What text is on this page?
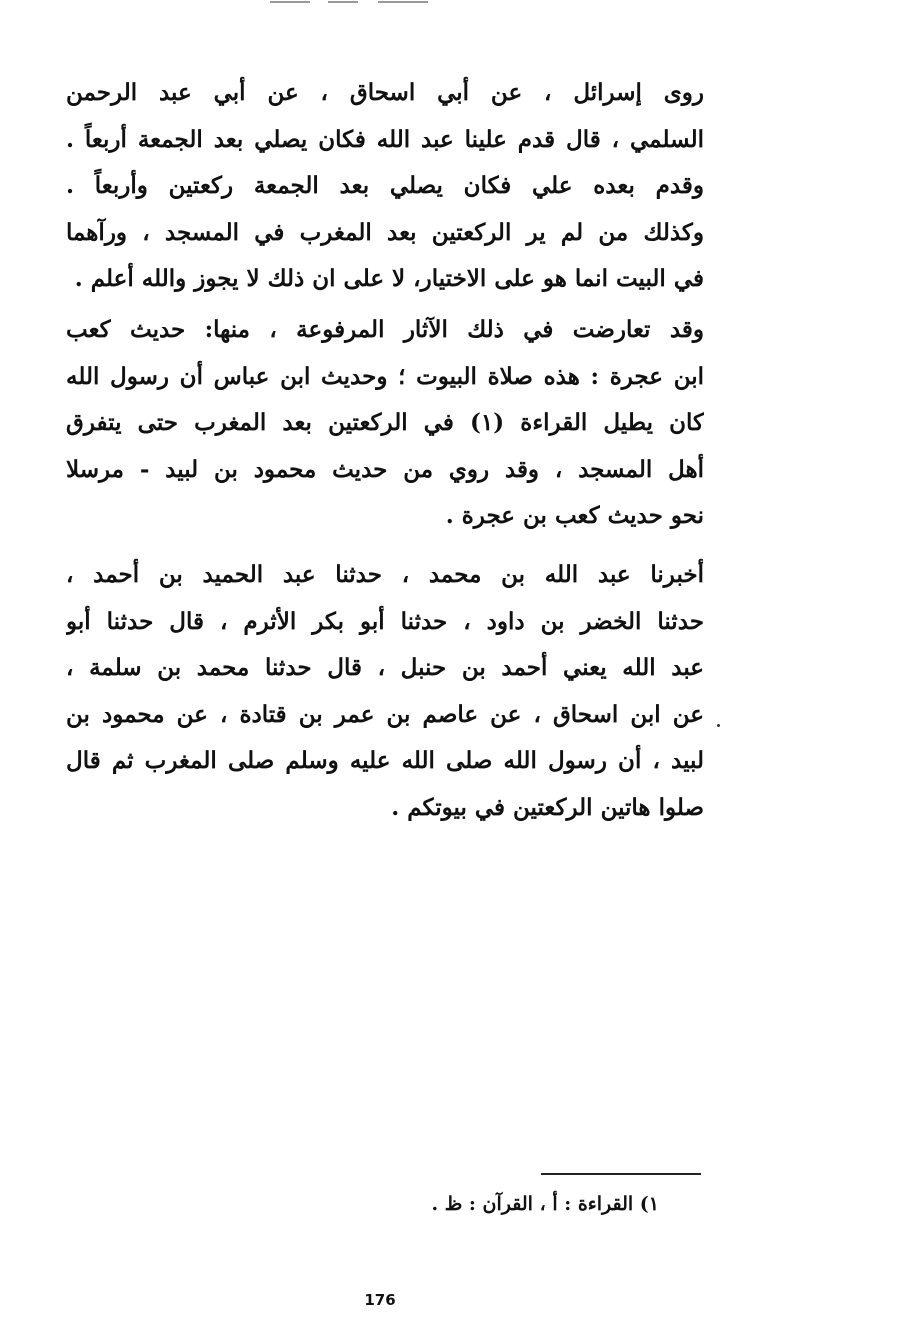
روى إسرائل ، عن أبي اسحاق ، عن أبي عبد الرحمن
السلمي ، قال قدم علينا عبد الله فكان يصلي بعد الجمعة أربعاً .
وقدم بعده علي فكان يصلي بعد الجمعة ركعتين وأربعاً .
وكذلك من لم ير الركعتين بعد المغرب في المسجد ، ورآهما
في البيت انما هو على الاختيار، لا على ان ذلك لا يجوز والله أعلم .
وقد تعارضت في ذلك الآثار المرفوعة ، منها: حديث كعب
ابن عجرة : هذه صلاة البيوت ؛ وحديث ابن عباس أن رسول الله
كان يطيل القراءة (١) في الركعتين بعد المغرب حتى يتفرق
أهل المسجد ، وقد روي من حديث محمود بن لبيد - مرسلا
نحو حديث كعب بن عجرة .
أخبرنا عبد الله بن محمد ، حدثنا عبد الحميد بن أحمد ،
حدثنا الخضر بن داود ، حدثنا أبو بكر الأثرم ، قال حدثنا أبو
عبد الله يعني أحمد بن حنبل ، قال حدثنا محمد بن سلمة ،
عن ابن اسحاق ، عن عاصم بن عمر بن قتادة ، عن محمود بن
لبيد ، أن رسول الله صلى الله عليه وسلم صلى المغرب ثم قال
صلوا هاتين الركعتين في بيوتكم .
١) القراءة : أ ، القرآن : ظ .
176
